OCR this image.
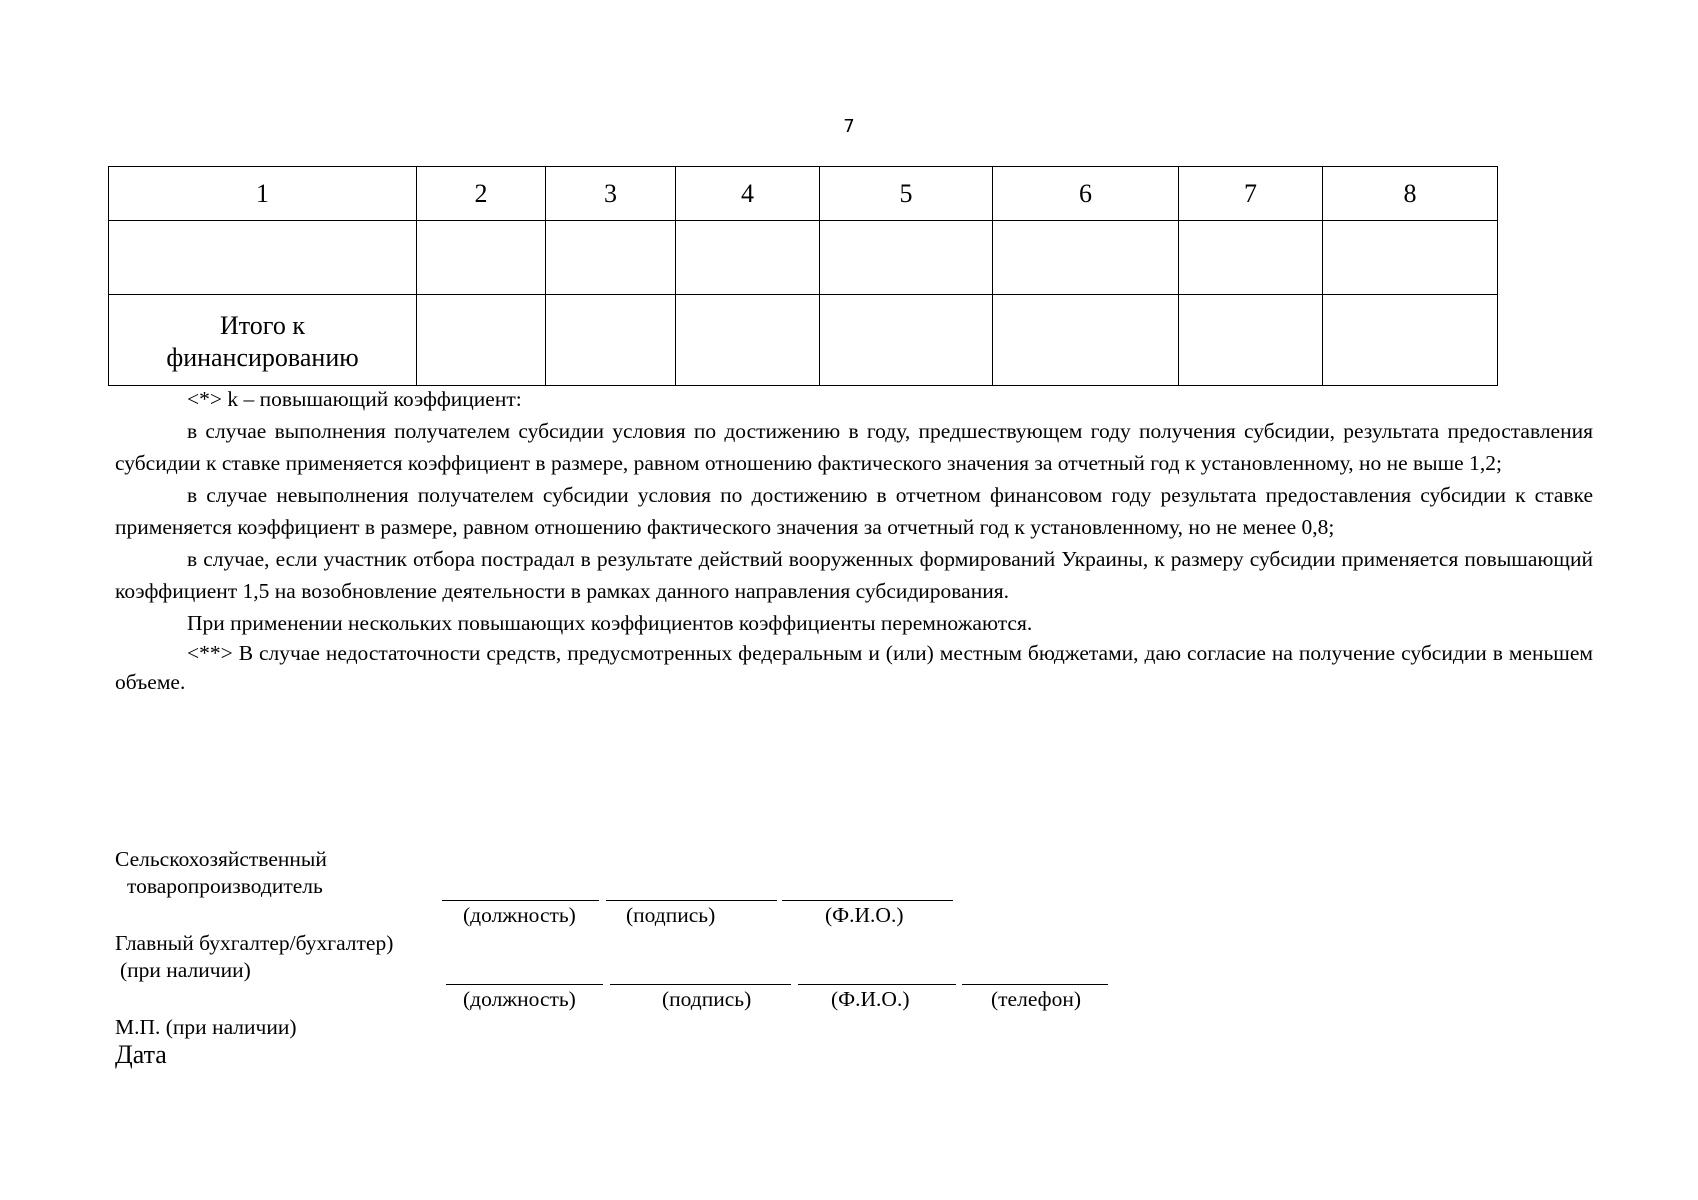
7
1	2	3	4	5	6	7	8

Итого к
финансированию							

<*> k – повышающий коэффициент:

в случае выполнения получателем субсидии условия по достижению в году, предшествующем году получения субсидии, результата предоставления субсидии к ставке применяется коэффициент в размере, равном отношению фактического значения за отчетный год к установленному, но не выше 1,2;

в случае невыполнения получателем субсидии условия по достижению в отчетном финансовом году результата предоставления субсидии к ставке применяется коэффициент в размере, равном отношению фактического значения за отчетный год к установленному, но не менее 0,8;

в случае, если участник отбора пострадал в результате действий вооруженных формирований Украины, к размеру субсидии применяется повышающий коэффициент 1,5 на возобновление деятельности в рамках данного направления субсидирования.

При применении нескольких повышающих коэффициентов коэффициенты перемножаются.

<**> В случае недостаточности средств, предусмотренных федеральным и (или) местным бюджетами, даю согласие на получение субсидии в меньшем объеме.

Сельскохозяйственный
товаропроизводитель
(должность) (подпись)	(Ф.И.О.)
Главный бухгалтер/бухгалтер)
(при наличии)
(должность)	(подпись)	(Ф.И.О.)	(телефон)
М.П. (при наличии)
Дата
